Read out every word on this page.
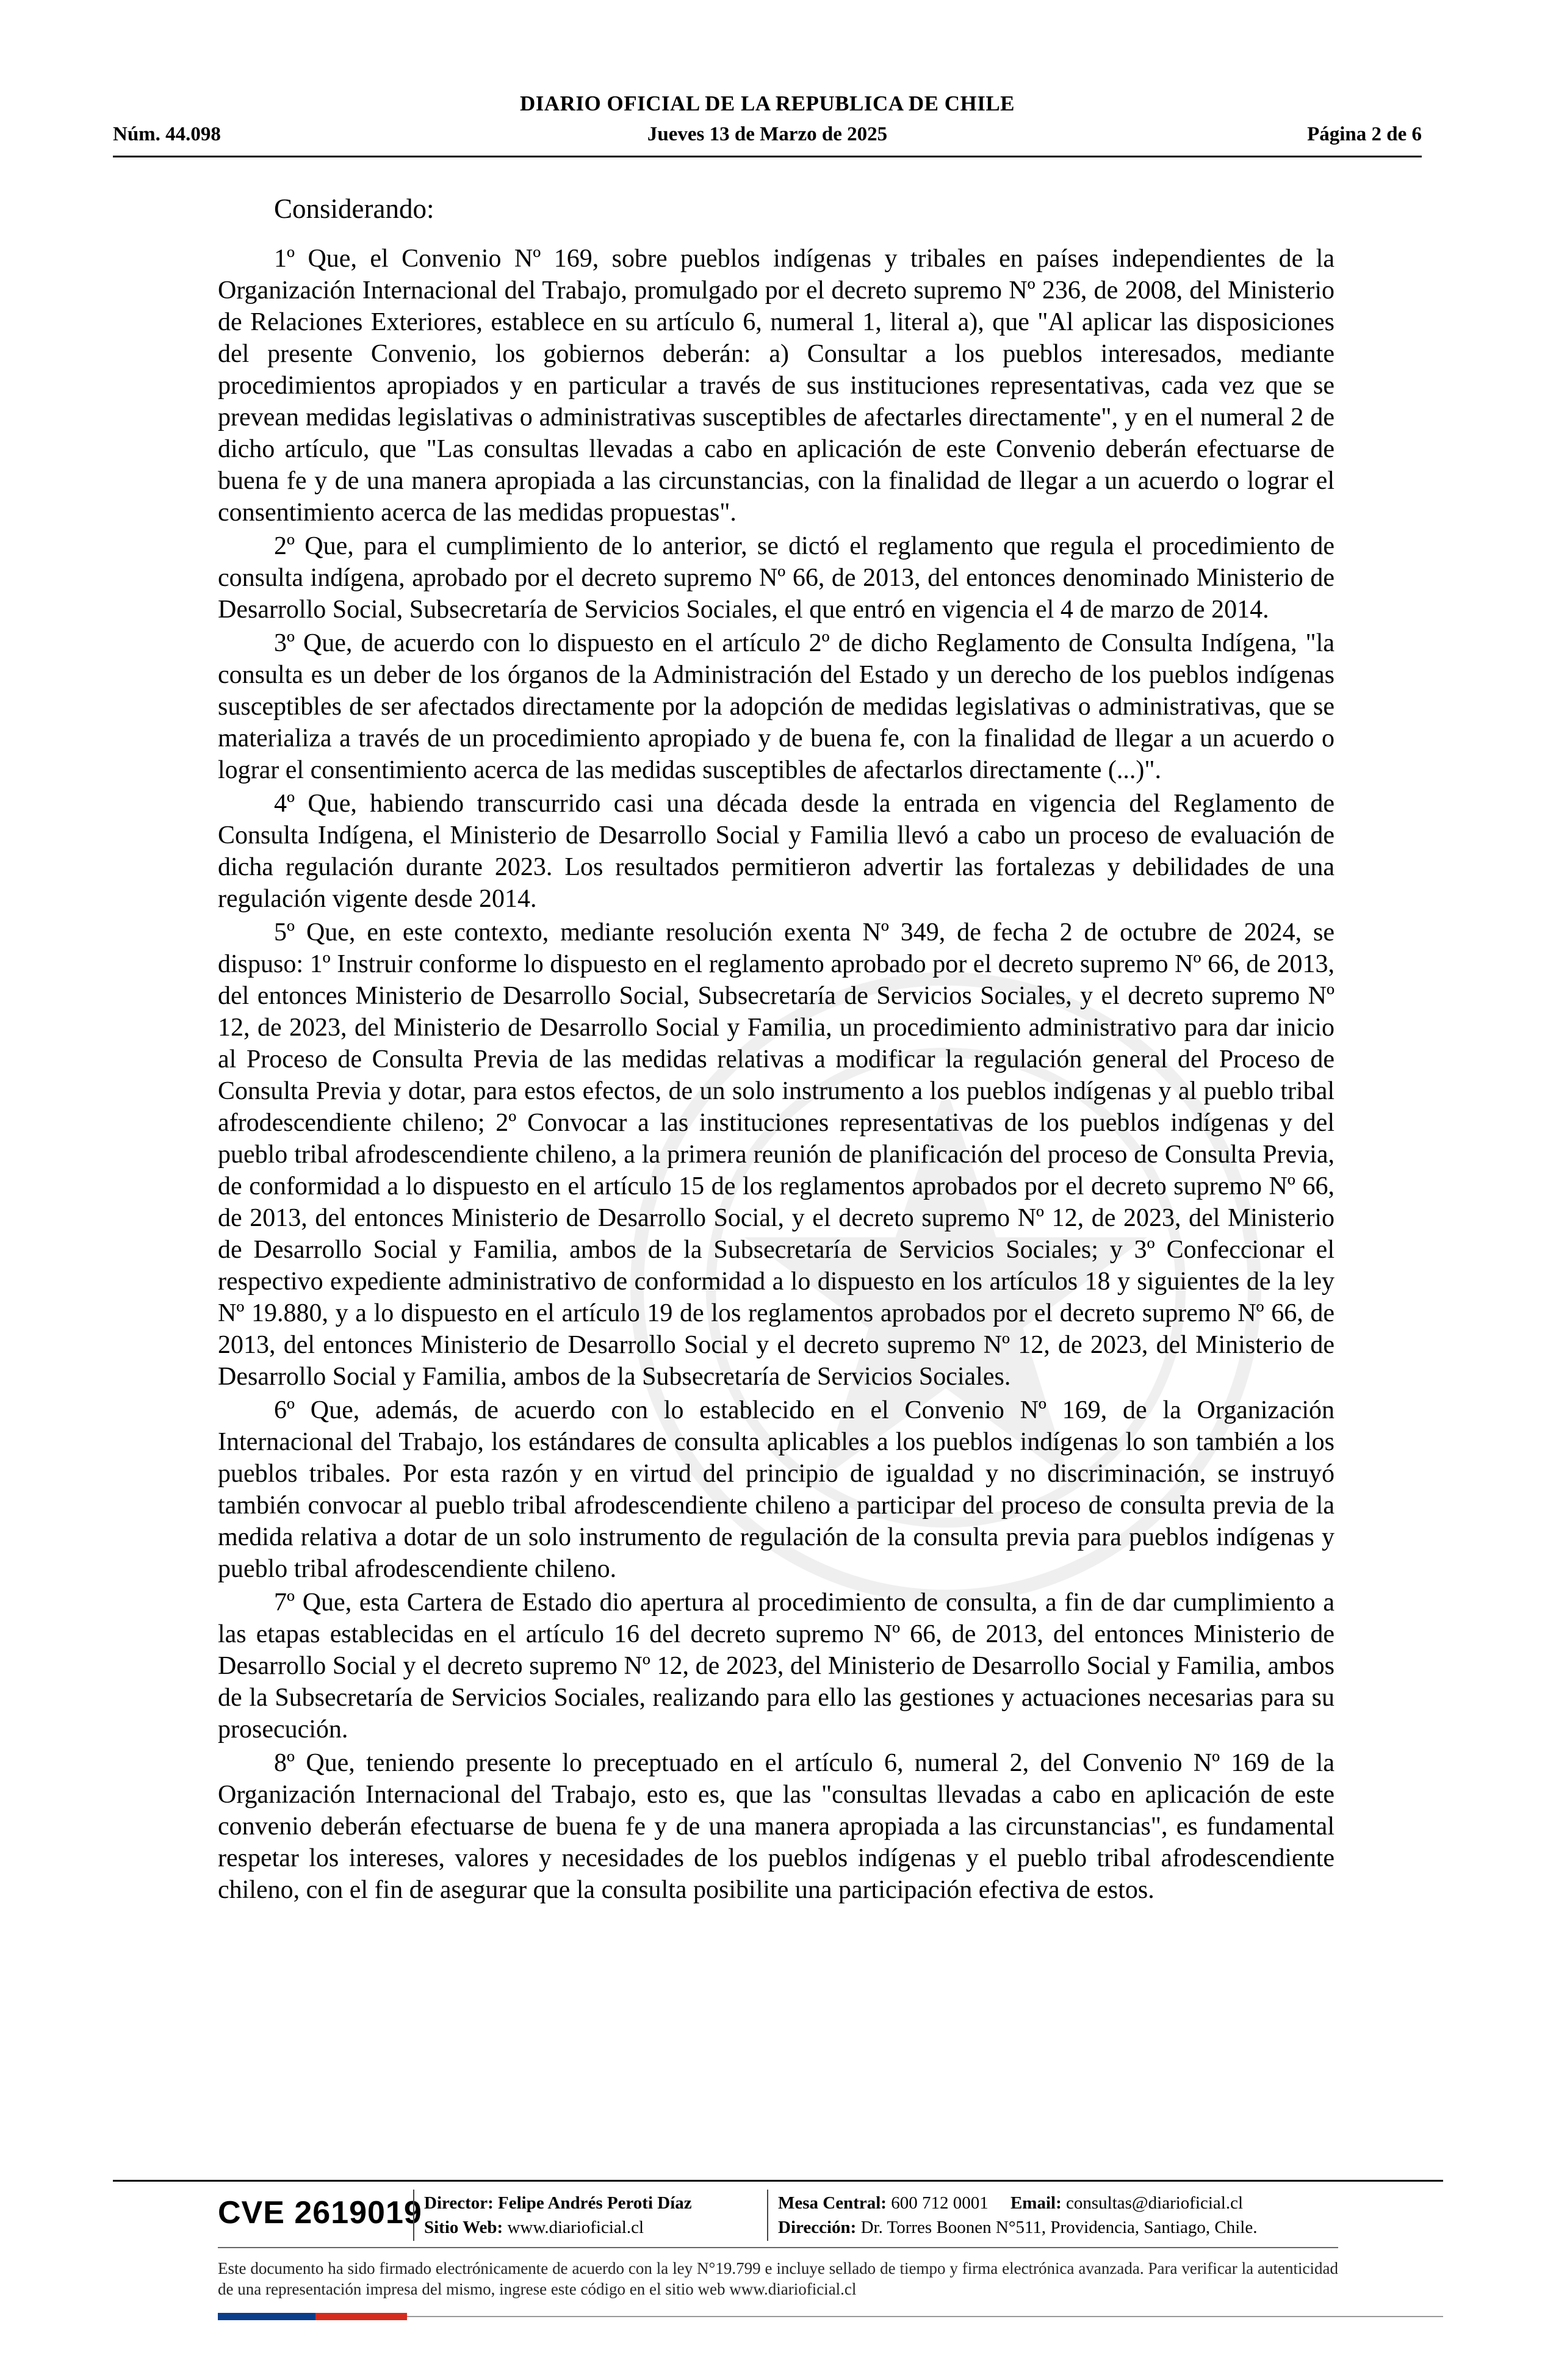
DIARIO OFICIAL DE LA REPUBLICA DE CHILE
Núm. 44.098	Jueves 13 de Marzo de 2025	Página 2 de 6

Considerando:

1º Que, el Convenio Nº 169, sobre pueblos indígenas y tribales en países independientes de la Organización Internacional del Trabajo, promulgado por el decreto supremo Nº 236, de 2008, del Ministerio de Relaciones Exteriores, establece en su artículo 6, numeral 1, literal a), que "Al aplicar las disposiciones del presente Convenio, los gobiernos deberán: a) Consultar a los pueblos interesados, mediante procedimientos apropiados y en particular a través de sus instituciones representativas, cada vez que se prevean medidas legislativas o administrativas susceptibles de afectarles directamente", y en el numeral 2 de dicho artículo, que "Las consultas llevadas a cabo en aplicación de este Convenio deberán efectuarse de buena fe y de una manera apropiada a las circunstancias, con la finalidad de llegar a un acuerdo o lograr el consentimiento acerca de las medidas propuestas".

2º Que, para el cumplimiento de lo anterior, se dictó el reglamento que regula el procedimiento de consulta indígena, aprobado por el decreto supremo Nº 66, de 2013, del entonces denominado Ministerio de Desarrollo Social, Subsecretaría de Servicios Sociales, el que entró en vigencia el 4 de marzo de 2014.

3º Que, de acuerdo con lo dispuesto en el artículo 2º de dicho Reglamento de Consulta Indígena, "la consulta es un deber de los órganos de la Administración del Estado y un derecho de los pueblos indígenas susceptibles de ser afectados directamente por la adopción de medidas legislativas o administrativas, que se materializa a través de un procedimiento apropiado y de buena fe, con la finalidad de llegar a un acuerdo o lograr el consentimiento acerca de las medidas susceptibles de afectarlos directamente (...)".

4º Que, habiendo transcurrido casi una década desde la entrada en vigencia del Reglamento de Consulta Indígena, el Ministerio de Desarrollo Social y Familia llevó a cabo un proceso de evaluación de dicha regulación durante 2023. Los resultados permitieron advertir las fortalezas y debilidades de una regulación vigente desde 2014.

5º Que, en este contexto, mediante resolución exenta Nº 349, de fecha 2 de octubre de 2024, se dispuso: 1º Instruir conforme lo dispuesto en el reglamento aprobado por el decreto supremo Nº 66, de 2013, del entonces Ministerio de Desarrollo Social, Subsecretaría de Servicios Sociales, y el decreto supremo Nº 12, de 2023, del Ministerio de Desarrollo Social y Familia, un procedimiento administrativo para dar inicio al Proceso de Consulta Previa de las medidas relativas a modificar la regulación general del Proceso de Consulta Previa y dotar, para estos efectos, de un solo instrumento a los pueblos indígenas y al pueblo tribal afrodescendiente chileno; 2º Convocar a las instituciones representativas de los pueblos indígenas y del pueblo tribal afrodescendiente chileno, a la primera reunión de planificación del proceso de Consulta Previa, de conformidad a lo dispuesto en el artículo 15 de los reglamentos aprobados por el decreto supremo Nº 66, de 2013, del entonces Ministerio de Desarrollo Social, y el decreto supremo Nº 12, de 2023, del Ministerio de Desarrollo Social y Familia, ambos de la Subsecretaría de Servicios Sociales; y 3º Confeccionar el respectivo expediente administrativo de conformidad a lo dispuesto en los artículos 18 y siguientes de la ley Nº 19.880, y a lo dispuesto en el artículo 19 de los reglamentos aprobados por el decreto supremo Nº 66, de 2013, del entonces Ministerio de Desarrollo Social y el decreto supremo Nº 12, de 2023, del Ministerio de Desarrollo Social y Familia, ambos de la Subsecretaría de Servicios Sociales.

6º Que, además, de acuerdo con lo establecido en el Convenio Nº 169, de la Organización Internacional del Trabajo, los estándares de consulta aplicables a los pueblos indígenas lo son también a los pueblos tribales. Por esta razón y en virtud del principio de igualdad y no discriminación, se instruyó también convocar al pueblo tribal afrodescendiente chileno a participar del proceso de consulta previa de la medida relativa a dotar de un solo instrumento de regulación de la consulta previa para pueblos indígenas y pueblo tribal afrodescendiente chileno.

7º Que, esta Cartera de Estado dio apertura al procedimiento de consulta, a fin de dar cumplimiento a las etapas establecidas en el artículo 16 del decreto supremo Nº 66, de 2013, del entonces Ministerio de Desarrollo Social y el decreto supremo Nº 12, de 2023, del Ministerio de Desarrollo Social y Familia, ambos de la Subsecretaría de Servicios Sociales, realizando para ello las gestiones y actuaciones necesarias para su prosecución.

8º Que, teniendo presente lo preceptuado en el artículo 6, numeral 2, del Convenio Nº 169 de la Organización Internacional del Trabajo, esto es, que las "consultas llevadas a cabo en aplicación de este convenio deberán efectuarse de buena fe y de una manera apropiada a las circunstancias", es fundamental respetar los intereses, valores y necesidades de los pueblos indígenas y el pueblo tribal afrodescendiente chileno, con el fin de asegurar que la consulta posibilite una participación efectiva de estos.

CVE 2619019 Director: Felipe Andrés Peroti Díaz
Sitio Web: www.diarioficial.cl
Mesa Central: 600 712 0001 Email: consultas@diarioficial.cl
Dirección: Dr. Torres Boonen N°511, Providencia, Santiago, Chile.
Este documento ha sido firmado electrónicamente de acuerdo con la ley N°19.799 e incluye sellado de tiempo y firma electrónica avanzada. Para verificar la autenticidad de una representación impresa del mismo, ingrese este código en el sitio web www.diarioficial.cl
